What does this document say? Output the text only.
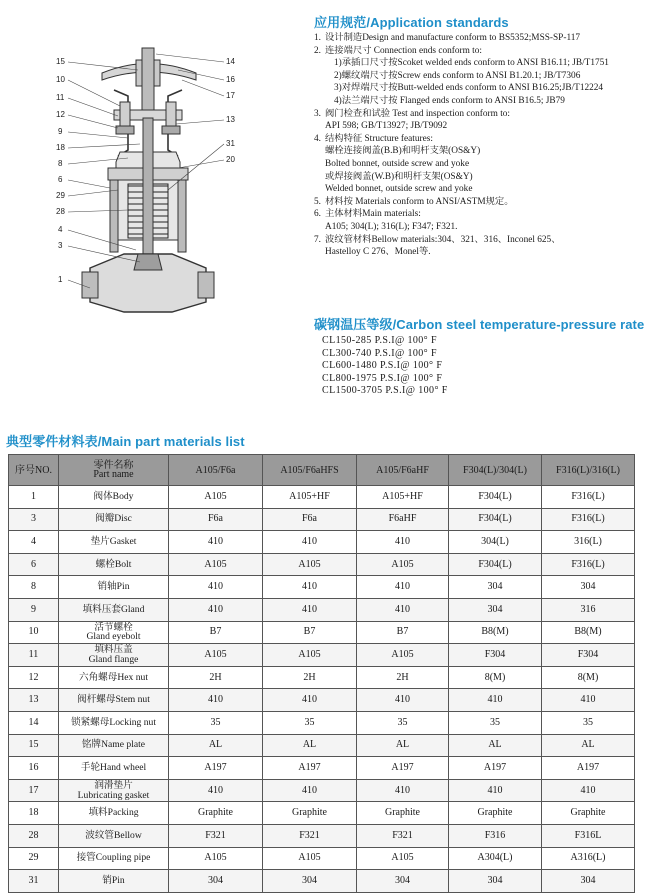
15
10
11
12
9
18
8
6
29
28
4
3
1
14
16
17
13
31
20
应用规范/Application standards
1. 设计制造Design and manufacture conform to BS5352;MSS-SP-117
2. 连接端尺寸 Connection ends conform to:
1)承插口尺寸按Scoket welded ends conform to ANSI B16.11; JB/T1751
2)螺纹端尺寸按Screw ends conform to ANSI B1.20.1; JB/T7306
3)对焊端尺寸按Butt-welded ends conform to ANSI B16.25;JB/T12224
4)法兰端尺寸按 Flanged ends conform to ANSI B16.5; JB79
3. 阀门检查和试验 Test and inspection conform to:
API 598; GB/T13927; JB/T9092
4. 结构特征 Structure features:
螺栓连接阀盖(B.B)和明杆支架(OS&Y)
Bolted bonnet, outside screw and yoke
或焊接阀盖(W.B)和明杆支架(OS&Y)
Welded bonnet, outside screw and yoke
5. 材料按 Materials conform to ANSI/ASTM规定。
6. 主体材料Main materials:
A105; 304(L); 316(L); F347; F321.
7. 波纹管材料Bellow materials:304、321、316、Inconel 625、
Hastelloy C 276、Monel等.
碳钢温压等级/Carbon steel temperature-pressure rate
CL150-285 P.S.I@ 100° F
CL300-740 P.S.I@ 100° F
CL600-1480 P.S.I@ 100° F
CL800-1975 P.S.I@ 100° F
CL1500-3705 P.S.I@ 100° F
典型零件材料表/Main part materials list
序号NO.	零件名称
Part name	A105/F6a	A105/F6aHFS	A105/F6aHF	F304(L)/304(L)	F316(L)/316(L)
1	阀体Body	A105	A105+HF	A105+HF	F304(L)	F316(L)
3	阀瓣Disc	F6a	F6a	F6aHF	F304(L)	F316(L)
4	垫片Gasket	410	410	410	304(L)	316(L)
6	螺栓Bolt	A105	A105	A105	F304(L)	F316(L)
8	销轴Pin	410	410	410	304	304
9	填料压套Gland	410	410	410	304	316
10	活节螺栓
Gland eyebolt	B7	B7	B7	B8(M)	B8(M)
11	填料压盖
Gland flange	A105	A105	A105	F304	F304
12	六角螺母Hex nut	2H	2H	2H	8(M)	8(M)
13	阀杆螺母Stem nut	410	410	410	410	410
14	锁紧螺母Locking nut	35	35	35	35	35
15	铭牌Name plate	AL	AL	AL	AL	AL
16	手轮Hand wheel	A197	A197	A197	A197	A197
17	润滑垫片
Lubricating gasket	410	410	410	410	410
18	填料Packing	Graphite	Graphite	Graphite	Graphite	Graphite
28	波纹管Bellow	F321	F321	F321	F316	F316L
29	接管Coupling pipe	A105	A105	A105	A304(L)	A316(L)
31	销Pin	304	304	304	304	304
